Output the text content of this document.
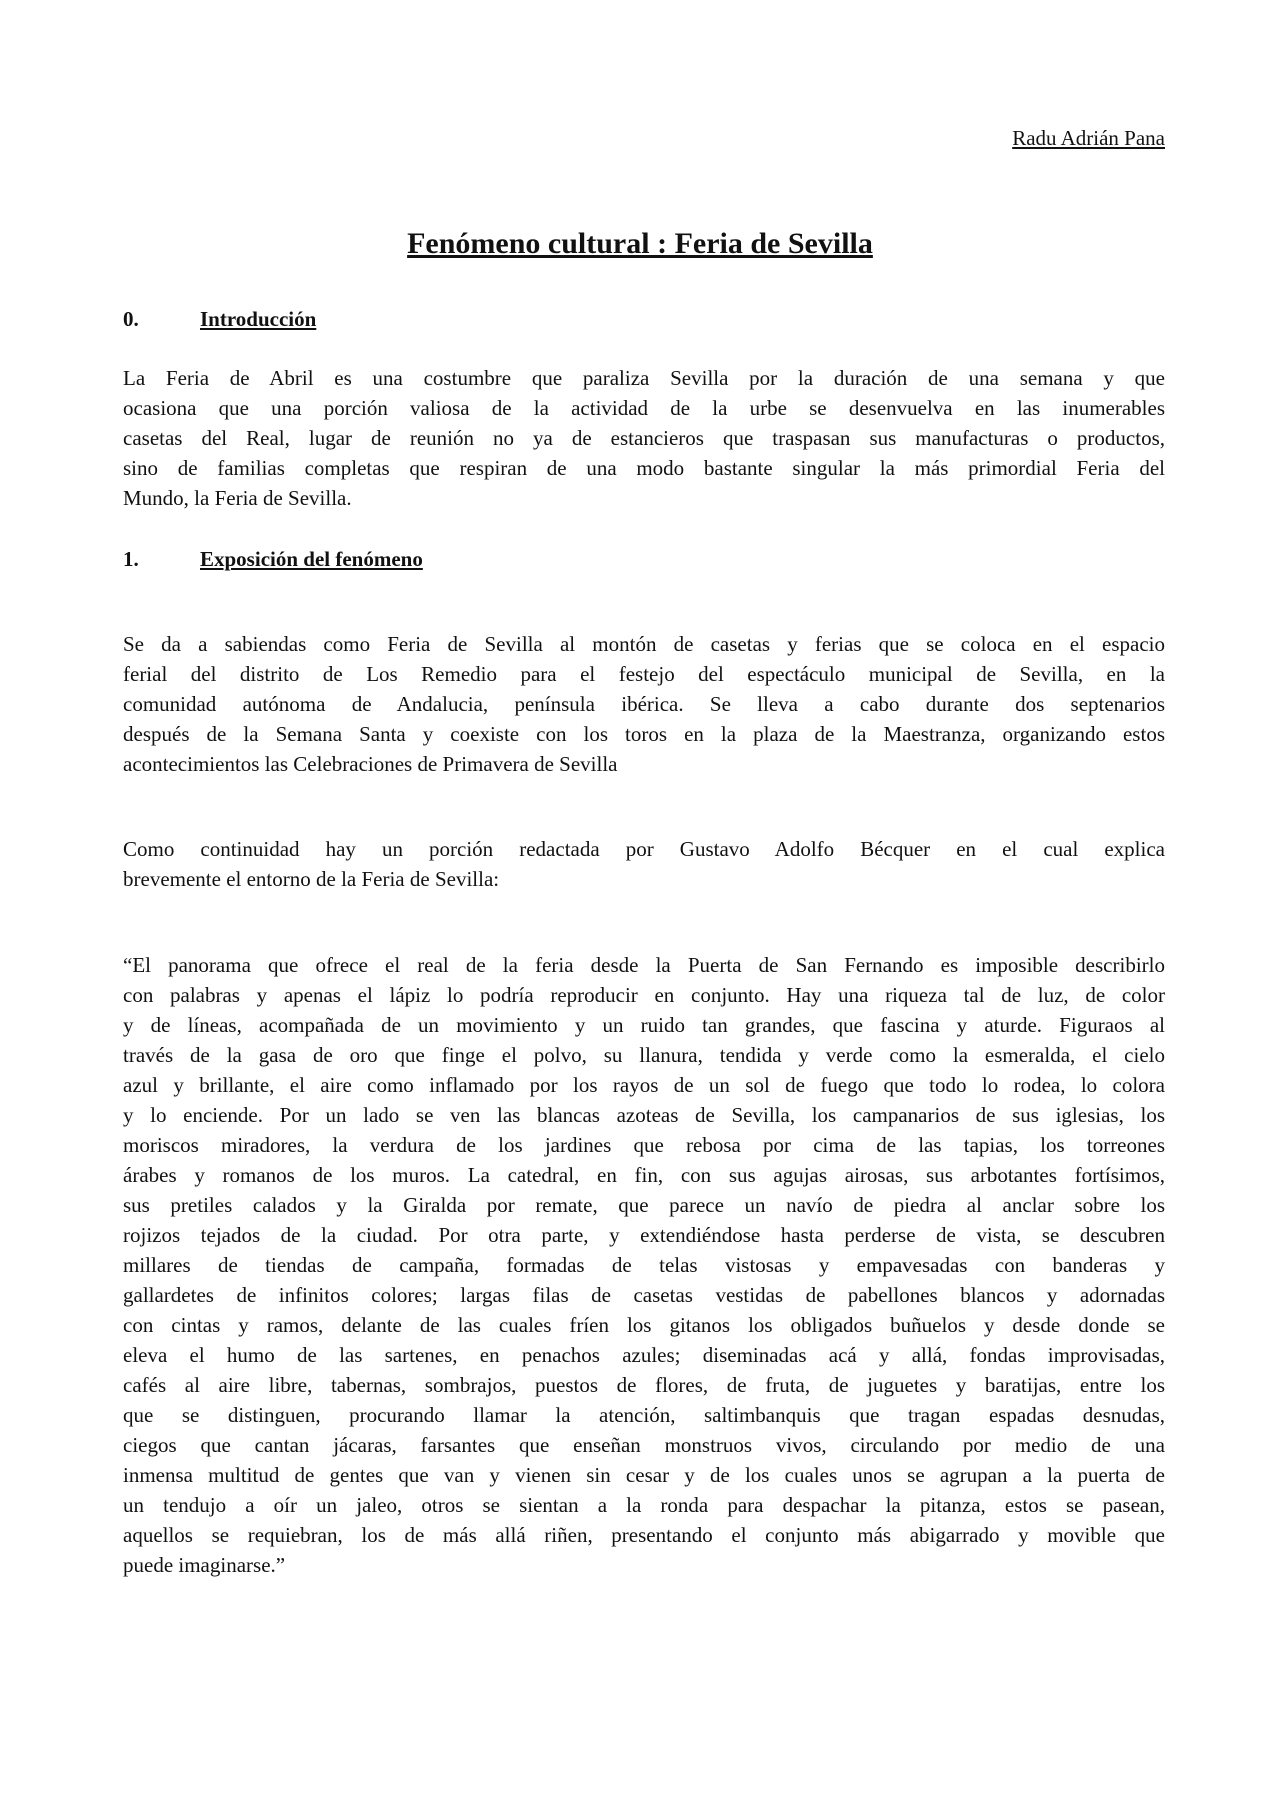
Radu Adrián Pana
Fenómeno cultural : Feria de Sevilla
0.	Introducción
La Feria de Abril es una costumbre que paraliza Sevilla por la duración de una semana y que
ocasiona que una porción valiosa de la actividad de la urbe se desenvuelva en las inumerables
casetas del Real, lugar de reunión no ya de estancieros que traspasan sus manufacturas o productos,
sino de familias completas que respiran de una modo bastante singular la más primordial Feria del
Mundo, la Feria de Sevilla.
1.	Exposición del fenómeno
Se da a sabiendas como Feria de Sevilla al montón de casetas y ferias que se coloca en el espacio
ferial del distrito de Los Remedio para el festejo del espectáculo municipal de Sevilla, en la
comunidad autónoma de Andalucia, península ibérica. Se lleva a cabo durante dos septenarios
después de la Semana Santa y coexiste con los toros en la plaza de la Maestranza, organizando estos
acontecimientos las Celebraciones de Primavera de Sevilla
Como continuidad hay un porción redactada por Gustavo Adolfo Bécquer en el cual explica
brevemente el entorno de la Feria de Sevilla:
“El panorama que ofrece el real de la feria desde la Puerta de San Fernando es imposible describirlo
con palabras y apenas el lápiz lo podría reproducir en conjunto. Hay una riqueza tal de luz, de color
y de líneas, acompañada de un movimiento y un ruido tan grandes, que fascina y aturde. Figuraos al
través de la gasa de oro que finge el polvo, su llanura, tendida y verde como la esmeralda, el cielo
azul y brillante, el aire como inflamado por los rayos de un sol de fuego que todo lo rodea, lo colora
y lo enciende. Por un lado se ven las blancas azoteas de Sevilla, los campanarios de sus iglesias, los
moriscos miradores, la verdura de los jardines que rebosa por cima de las tapias, los torreones
árabes y romanos de los muros. La catedral, en fin, con sus agujas airosas, sus arbotantes fortísimos,
sus pretiles calados y la Giralda por remate, que parece un navío de piedra al anclar sobre los
rojizos tejados de la ciudad. Por otra parte, y extendiéndose hasta perderse de vista, se descubren
millares de tiendas de campaña, formadas de telas vistosas y empavesadas con banderas y
gallardetes de infinitos colores; largas filas de casetas vestidas de pabellones blancos y adornadas
con cintas y ramos, delante de las cuales fríen los gitanos los obligados buñuelos y desde donde se
eleva el humo de las sartenes, en penachos azules; diseminadas acá y allá, fondas improvisadas,
cafés al aire libre, tabernas, sombrajos, puestos de flores, de fruta, de juguetes y baratijas, entre los
que se distinguen, procurando llamar la atención, saltimbanquis que tragan espadas desnudas,
ciegos que cantan jácaras, farsantes que enseñan monstruos vivos, circulando por medio de una
inmensa multitud de gentes que van y vienen sin cesar y de los cuales unos se agrupan a la puerta de
un tendujo a oír un jaleo, otros se sientan a la ronda para despachar la pitanza, estos se pasean,
aquellos se requiebran, los de más allá riñen, presentando el conjunto más abigarrado y movible que
puede imaginarse.”
